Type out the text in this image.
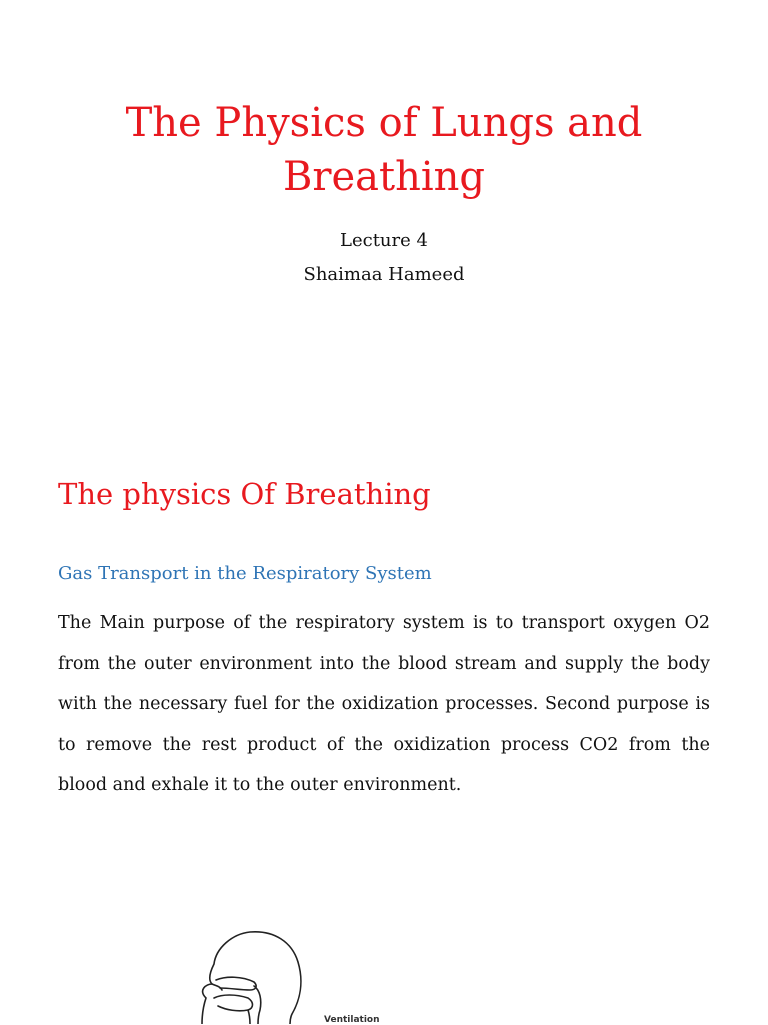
The Physics of Lungs and
Breathing

Lecture 4

Shaimaa Hameed

The physics Of Breathing
Gas Transport in the Respiratory System

The Main purpose of the respiratory system is to transport oxygen O2 from the outer environment into the blood stream and supply the body with the necessary fuel for the oxidization processes. Second purpose is to remove the rest product of the oxidization process CO2 from the blood and exhale it to the outer environment.

Ventilation
